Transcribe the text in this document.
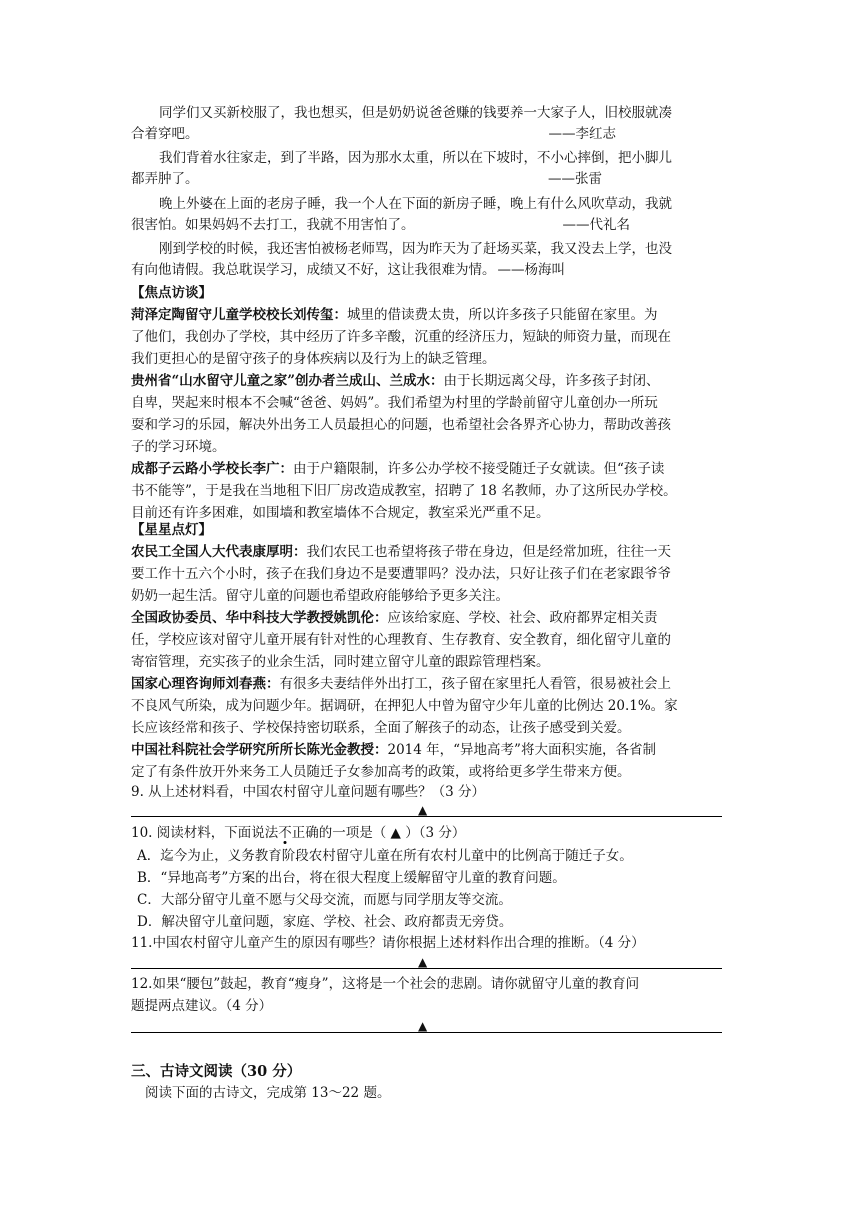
同学们又买新校服了，我也想买，但是奶奶说爸爸赚的钱要养一大家子人，旧校服就凑
合着穿吧。	——李红志
我们背着水往家走，到了半路，因为那水太重，所以在下坡时，不小心摔倒，把小脚儿
都弄肿了。	——张雷
晚上外婆在上面的老房子睡，我一个人在下面的新房子睡，晚上有什么风吹草动，我就
很害怕。如果妈妈不去打工，我就不用害怕了。	——代礼名
刚到学校的时候，我还害怕被杨老师骂，因为昨天为了赶场买菜，我又没去上学，也没
有向他请假。我总耽误学习，成绩又不好，这让我很难为情。 ——杨海叫
【焦点访谈】
菏泽定陶留守儿童学校校长刘传玺：城里的借读费太贵，所以许多孩子只能留在家里。为
了他们，我创办了学校，其中经历了许多辛酸，沉重的经济压力，短缺的师资力量，而现在
我们更担心的是留守孩子的身体疾病以及行为上的缺乏管理。
贵州省“山水留守儿童之家”创办者兰成山、兰成水：由于长期远离父母，许多孩子封闭、
自卑，哭起来时根本不会喊“爸爸、妈妈”。我们希望为村里的学龄前留守儿童创办一所玩
耍和学习的乐园，解决外出务工人员最担心的问题，也希望社会各界齐心协力，帮助改善孩
子的学习环境。
成都子云路小学校长李广：由于户籍限制，许多公办学校不接受随迁子女就读。但“孩子读
书不能等”，于是我在当地租下旧厂房改造成教室，招聘了 18 名教师，办了这所民办学校。
目前还有许多困难，如围墙和教室墙体不合规定，教室采光严重不足。
【星星点灯】
农民工全国人大代表康厚明：我们农民工也希望将孩子带在身边，但是经常加班，往往一天
要工作十五六个小时，孩子在我们身边不是要遭罪吗？没办法，只好让孩子们在老家跟爷爷
奶奶一起生活。留守儿童的问题也希望政府能够给予更多关注。
全国政协委员、华中科技大学教授姚凯伦：应该给家庭、学校、社会、政府都界定相关责
任，学校应该对留守儿童开展有针对性的心理教育、生存教育、安全教育，细化留守儿童的
寄宿管理，充实孩子的业余生活，同时建立留守儿童的跟踪管理档案。
国家心理咨询师刘春燕：有很多夫妻结伴外出打工，孩子留在家里托人看管，很易被社会上
不良风气所染，成为问题少年。据调研，在押犯人中曾为留守少年儿童的比例达 20.1%。家
长应该经常和孩子、学校保持密切联系，全面了解孩子的动态，让孩子感受到关爱。
中国社科院社会学研究所所长陈光金教授：2014 年，“异地高考”将大面积实施，各省制
定了有条件放开外来务工人员随迁子女参加高考的政策，或将给更多学生带来方便。
9. 从上述材料看，中国农村留守儿童问题有哪些？（3 分）
▲
10. 阅读材料，下面说法不正确的一项是（ ▲ ）（3 分）
A．迄今为止，义务教育阶段农村留守儿童在所有农村儿童中的比例高于随迁子女。
B．“异地高考”方案的出台，将在很大程度上缓解留守儿童的教育问题。
C．大部分留守儿童不愿与父母交流，而愿与同学朋友等交流。
D．解决留守儿童问题，家庭、学校、社会、政府都责无旁贷。
11.中国农村留守儿童产生的原因有哪些？请你根据上述材料作出合理的推断。（4 分）
▲
12.如果“腰包”鼓起，教育“瘦身”，这将是一个社会的悲剧。请你就留守儿童的教育问
题提两点建议。（4 分）
▲
三、古诗文阅读（30 分）
阅读下面的古诗文，完成第 13～22 题。
